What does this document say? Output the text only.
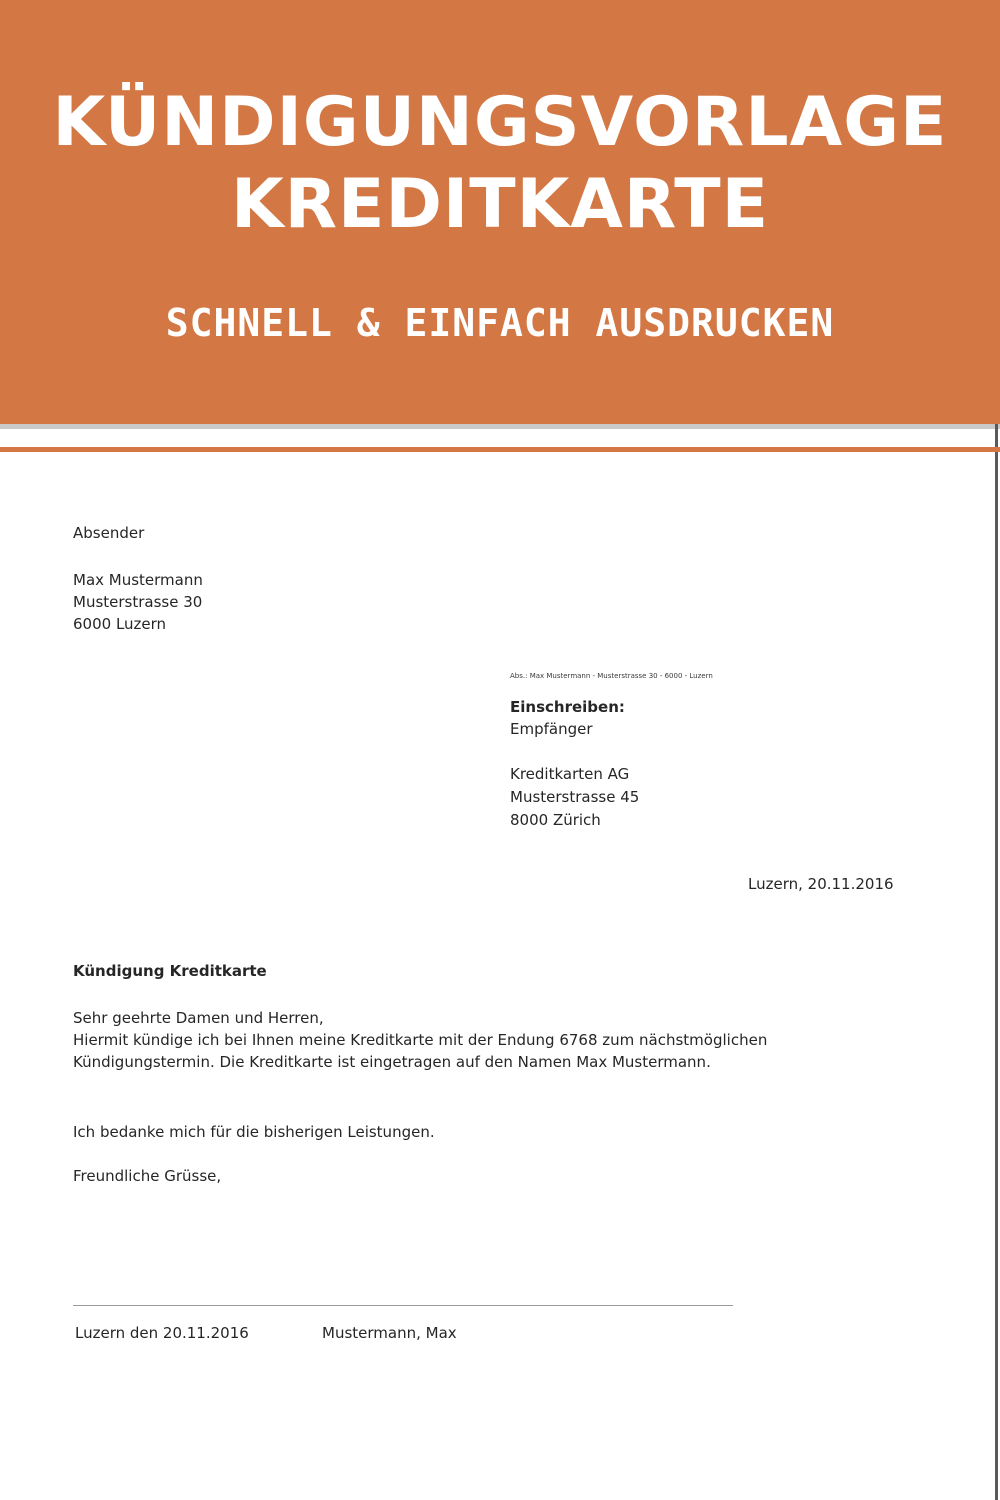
KÜNDIGUNGSVORLAGE
KREDITKARTE
SCHNELL & EINFACH AUSDRUCKEN
Absender
Max Mustermann
Musterstrasse 30
6000 Luzern
Abs.: Max Mustermann - Musterstrasse 30 - 6000 - Luzern
Einschreiben:
Empfänger
Kreditkarten AG
Musterstrasse 45
8000 Zürich
Luzern, 20.11.2016
Kündigung Kreditkarte
Sehr geehrte Damen und Herren,
Hiermit kündige ich bei Ihnen meine Kreditkarte mit der Endung 6768 zum nächstmöglichen
Kündigungstermin. Die Kreditkarte ist eingetragen auf den Namen Max Mustermann.
Ich bedanke mich für die bisherigen Leistungen.
Freundliche Grüsse,
Luzern den 20.11.2016	Mustermann, Max
